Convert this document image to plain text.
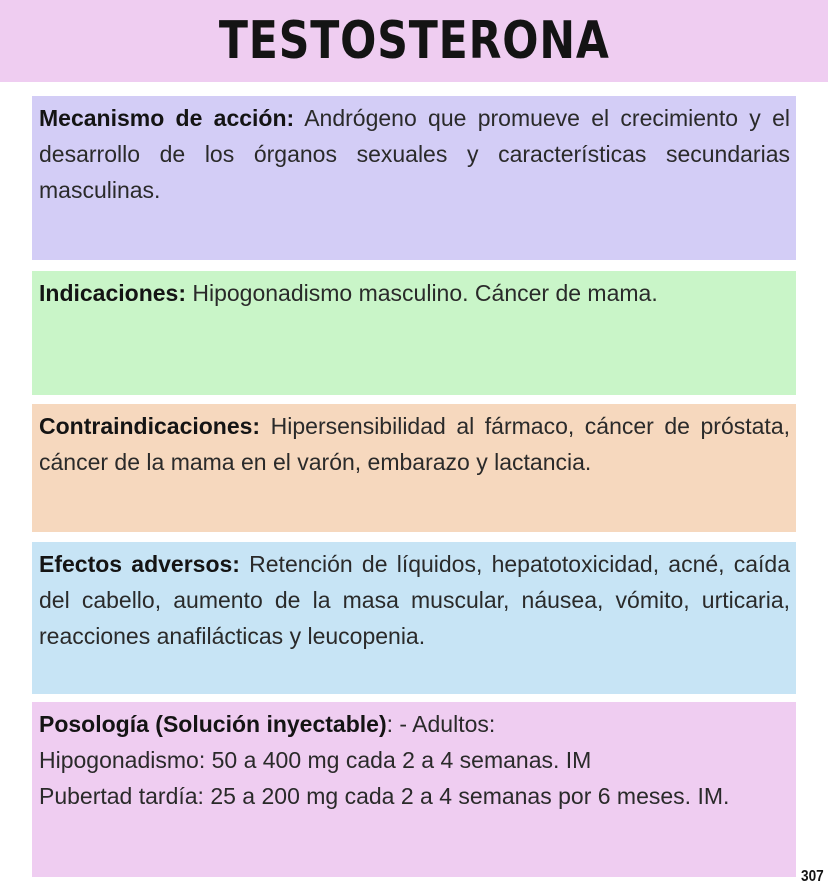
TESTOSTERONA
Mecanismo de acción: Andrógeno que promueve el crecimiento y el desarrollo de los órganos sexuales y características secundarias masculinas.
Indicaciones: Hipogonadismo masculino. Cáncer de mama.
Contraindicaciones: Hipersensibilidad al fármaco, cáncer de próstata, cáncer de la mama en el varón, embarazo y lactancia.
Efectos adversos: Retención de líquidos, hepatotoxicidad, acné, caída del cabello, aumento de la masa muscular, náusea, vómito, urticaria, reacciones anafilácticas y leucopenia.
Posología (Solución inyectable): - Adultos:
Hipogonadismo: 50 a 400 mg cada 2 a 4 semanas. IM
Pubertad tardía: 25 a 200 mg cada 2 a 4 semanas por 6 meses. IM.
307
